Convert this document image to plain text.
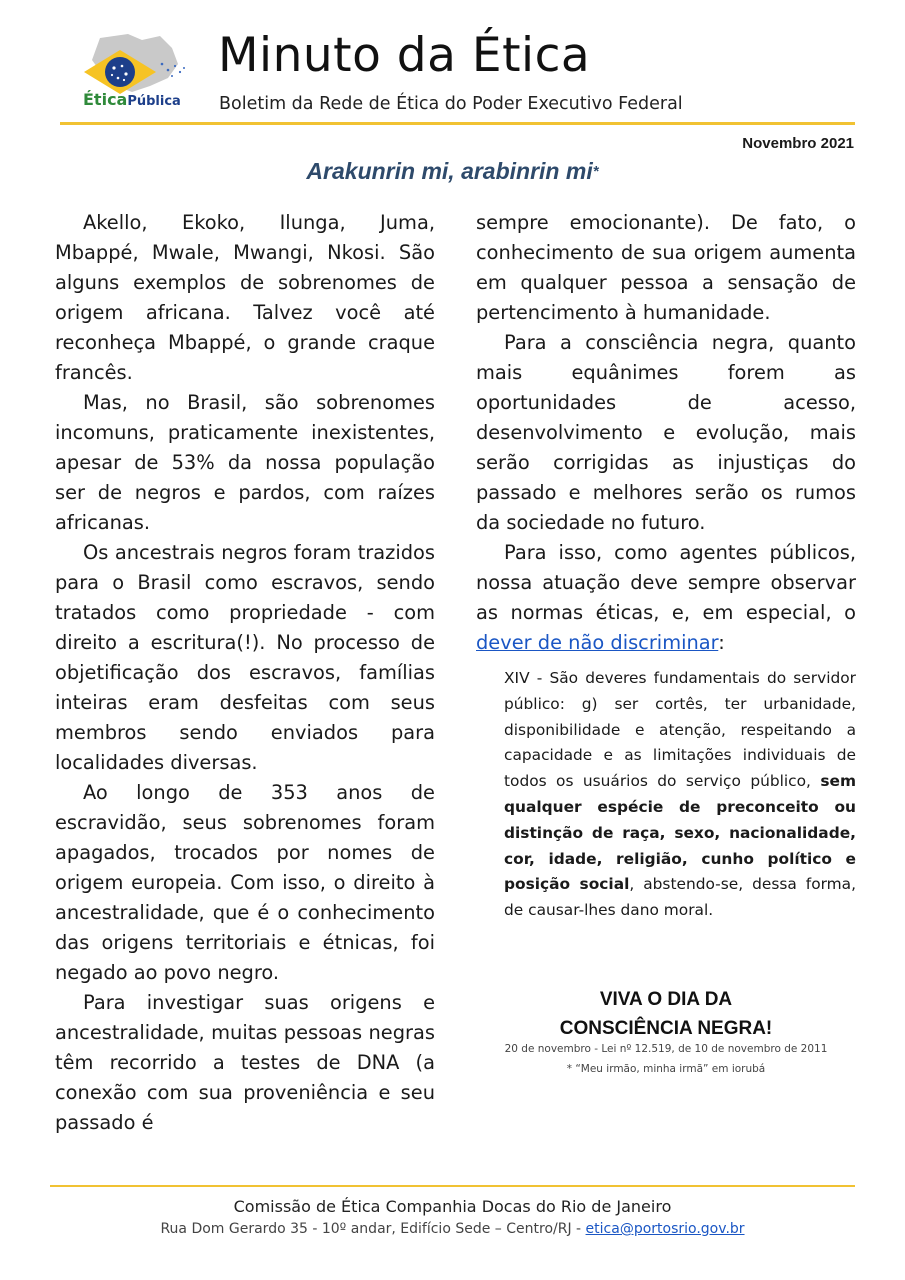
ÉticaPública
Minuto da Ética
Boletim da Rede de Ética do Poder Executivo Federal
Novembro 2021
Arakunrin mi, arabinrin mi*

Akello, Ekoko, Ilunga, Juma, Mbappé, Mwale, Mwangi, Nkosi. São alguns exemplos de sobrenomes de origem africana. Talvez você até reconheça Mbappé, o grande craque francês.

Mas, no Brasil, são sobrenomes incomuns, praticamente inexistentes, apesar de 53% da nossa população ser de negros e pardos, com raízes africanas.

Os ancestrais negros foram trazidos para o Brasil como escravos, sendo tratados como propriedade - com direito a escritura(!). No processo de objetificação dos escravos, famílias inteiras eram desfeitas com seus membros sendo enviados para localidades diversas.

Ao longo de 353 anos de escravidão, seus sobrenomes foram apagados, trocados por nomes de origem europeia. Com isso, o direito à ancestralidade, que é o conhecimento das origens territoriais e étnicas, foi negado ao povo negro.

Para investigar suas origens e ancestralidade, muitas pessoas negras têm recorrido a testes de DNA (a conexão com sua proveniência e seu passado é

sempre emocionante). De fato, o conhecimento de sua origem aumenta em qualquer pessoa a sensação de pertencimento à humanidade.

Para a consciência negra, quanto mais equânimes forem as oportunidades de acesso, desenvolvimento e evolução, mais serão corrigidas as injustiças do passado e melhores serão os rumos da sociedade no futuro.

Para isso, como agentes públicos, nossa atuação deve sempre observar as normas éticas, e, em especial, o dever de não discriminar:

XIV - São deveres fundamentais do servidor público: g) ser cortês, ter urbanidade, disponibilidade e atenção, respeitando a capacidade e as limitações individuais de todos os usuários do serviço público, sem qualquer espécie de preconceito ou distinção de raça, sexo, nacionalidade, cor, idade, religião, cunho político e posição social, abstendo-se, dessa forma, de causar-lhes dano moral.
VIVA O DIA DA
CONSCIÊNCIA NEGRA!
20 de novembro - Lei nº 12.519, de 10 de novembro de 2011
* “Meu irmão, minha irmã” em iorubá
Comissão de Ética Companhia Docas do Rio de Janeiro
Rua Dom Gerardo 35 - 10º andar, Edifício Sede – Centro/RJ - etica@portosrio.gov.br
